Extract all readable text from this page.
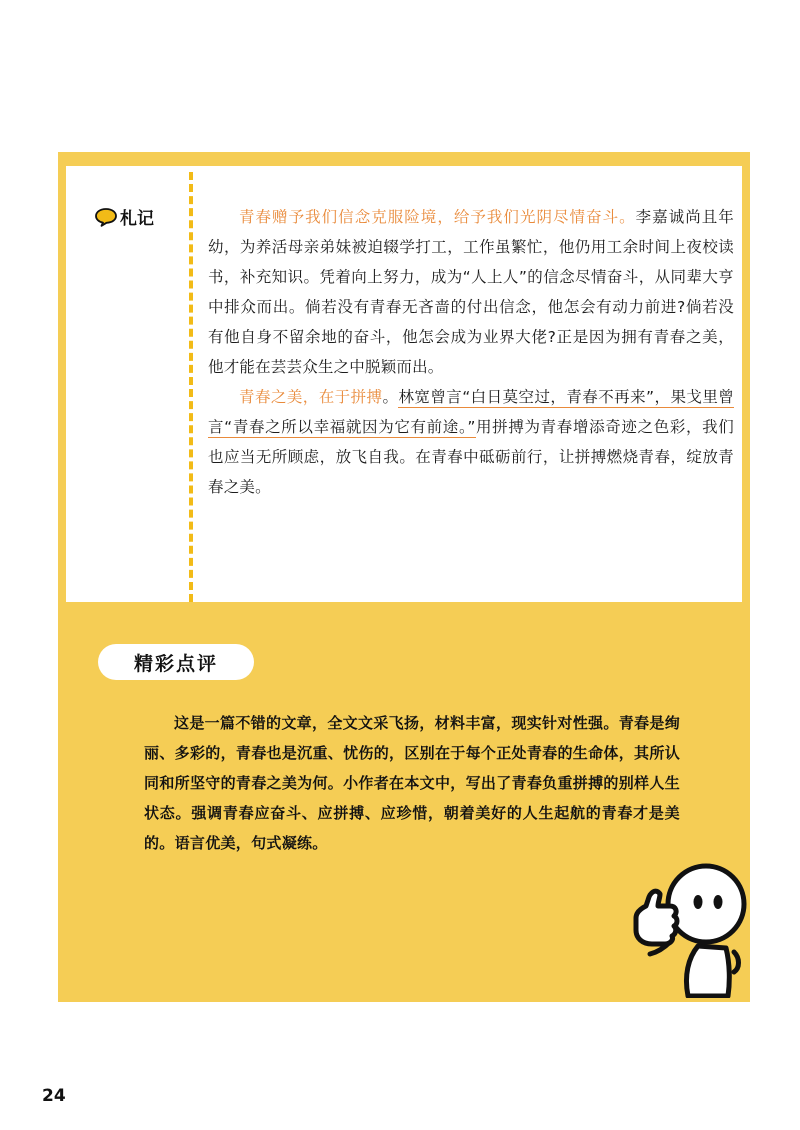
札记	青春赠予我们信念克服险境，给予我们光阴尽情奋斗。李嘉诚尚且年幼，为养活母亲弟妹被迫辍学打工，工作虽繁忙，他仍用工余时间上夜校读书，补充知识。凭着向上努力，成为“人上人”的信念尽情奋斗，从同辈大亨中排众而出。倘若没有青春无吝啬的付出信念，他怎会有动力前进?倘若没有他自身不留余地的奋斗，他怎会成为业界大佬?正是因为拥有青春之美，他才能在芸芸众生之中脱颖而出。

青春之美，在于拼搏。林宽曾言“白日莫空过，青春不再来”，果戈里曾言“青春之所以幸福就因为它有前途。”用拼搏为青春增添奇迹之色彩，我们也应当无所顾虑，放飞自我。在青春中砥砺前行，让拼搏燃烧青春，绽放青春之美。

精彩点评

这是一篇不错的文章，全文文采飞扬，材料丰富，现实针对性强。青春是绚丽、多彩的，青春也是沉重、忧伤的，区别在于每个正处青春的生命体，其所认同和所坚守的青春之美为何。小作者在本文中，写出了青春负重拼搏的别样人生状态。强调青春应奋斗、应拼搏、应珍惜，朝着美好的人生起航的青春才是美的。语言优美，句式凝练。

24
